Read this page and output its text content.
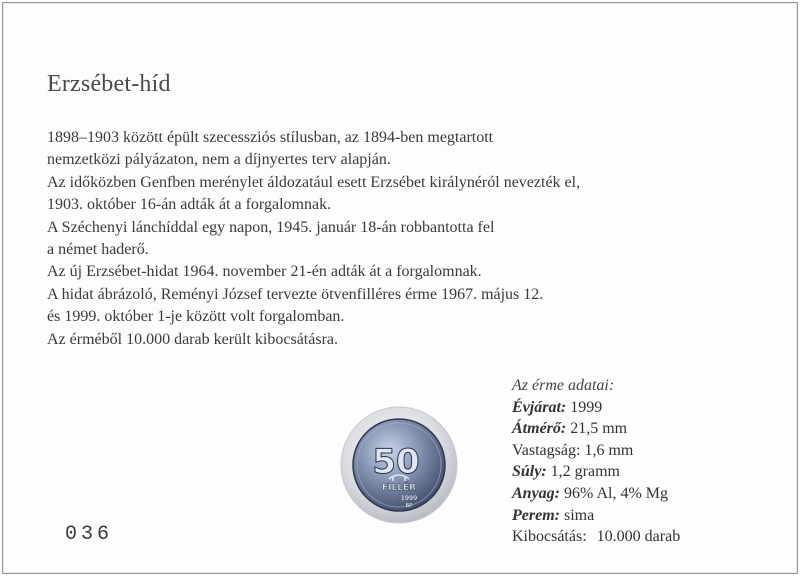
Erzsébet-híd
1898–1903 között épült szecessziós stílusban, az 1894-ben megtartott
nemzetközi pályázaton, nem a díjnyertes terv alapján.
Az időközben Genfben merénylet áldozatául esett Erzsébet királynéról nevezték el,
1903. október 16-án adták át a forgalomnak.
A Széchenyi lánchíddal egy napon, 1945. január 18-án robbantotta fel
a német haderő.
Az új Erzsébet-hidat 1964. november 21-én adták át a forgalomnak.
A hidat ábrázoló, Reményi József tervezte ötvenfilléres érme 1967. május 12.
és 1999. október 1-je között volt forgalomban.
Az érméből 10.000 darab került kibocsátásra.
50
FILLÉR
1999
BP
036
Az érme adatai:
Évjárat: 1999
Átmérő: 21,5 mm
Vastagság: 1,6 mm
Súly: 1,2 gramm
Anyag: 96% Al, 4% Mg
Perem: sima
Kibocsátás: 10.000 darab
